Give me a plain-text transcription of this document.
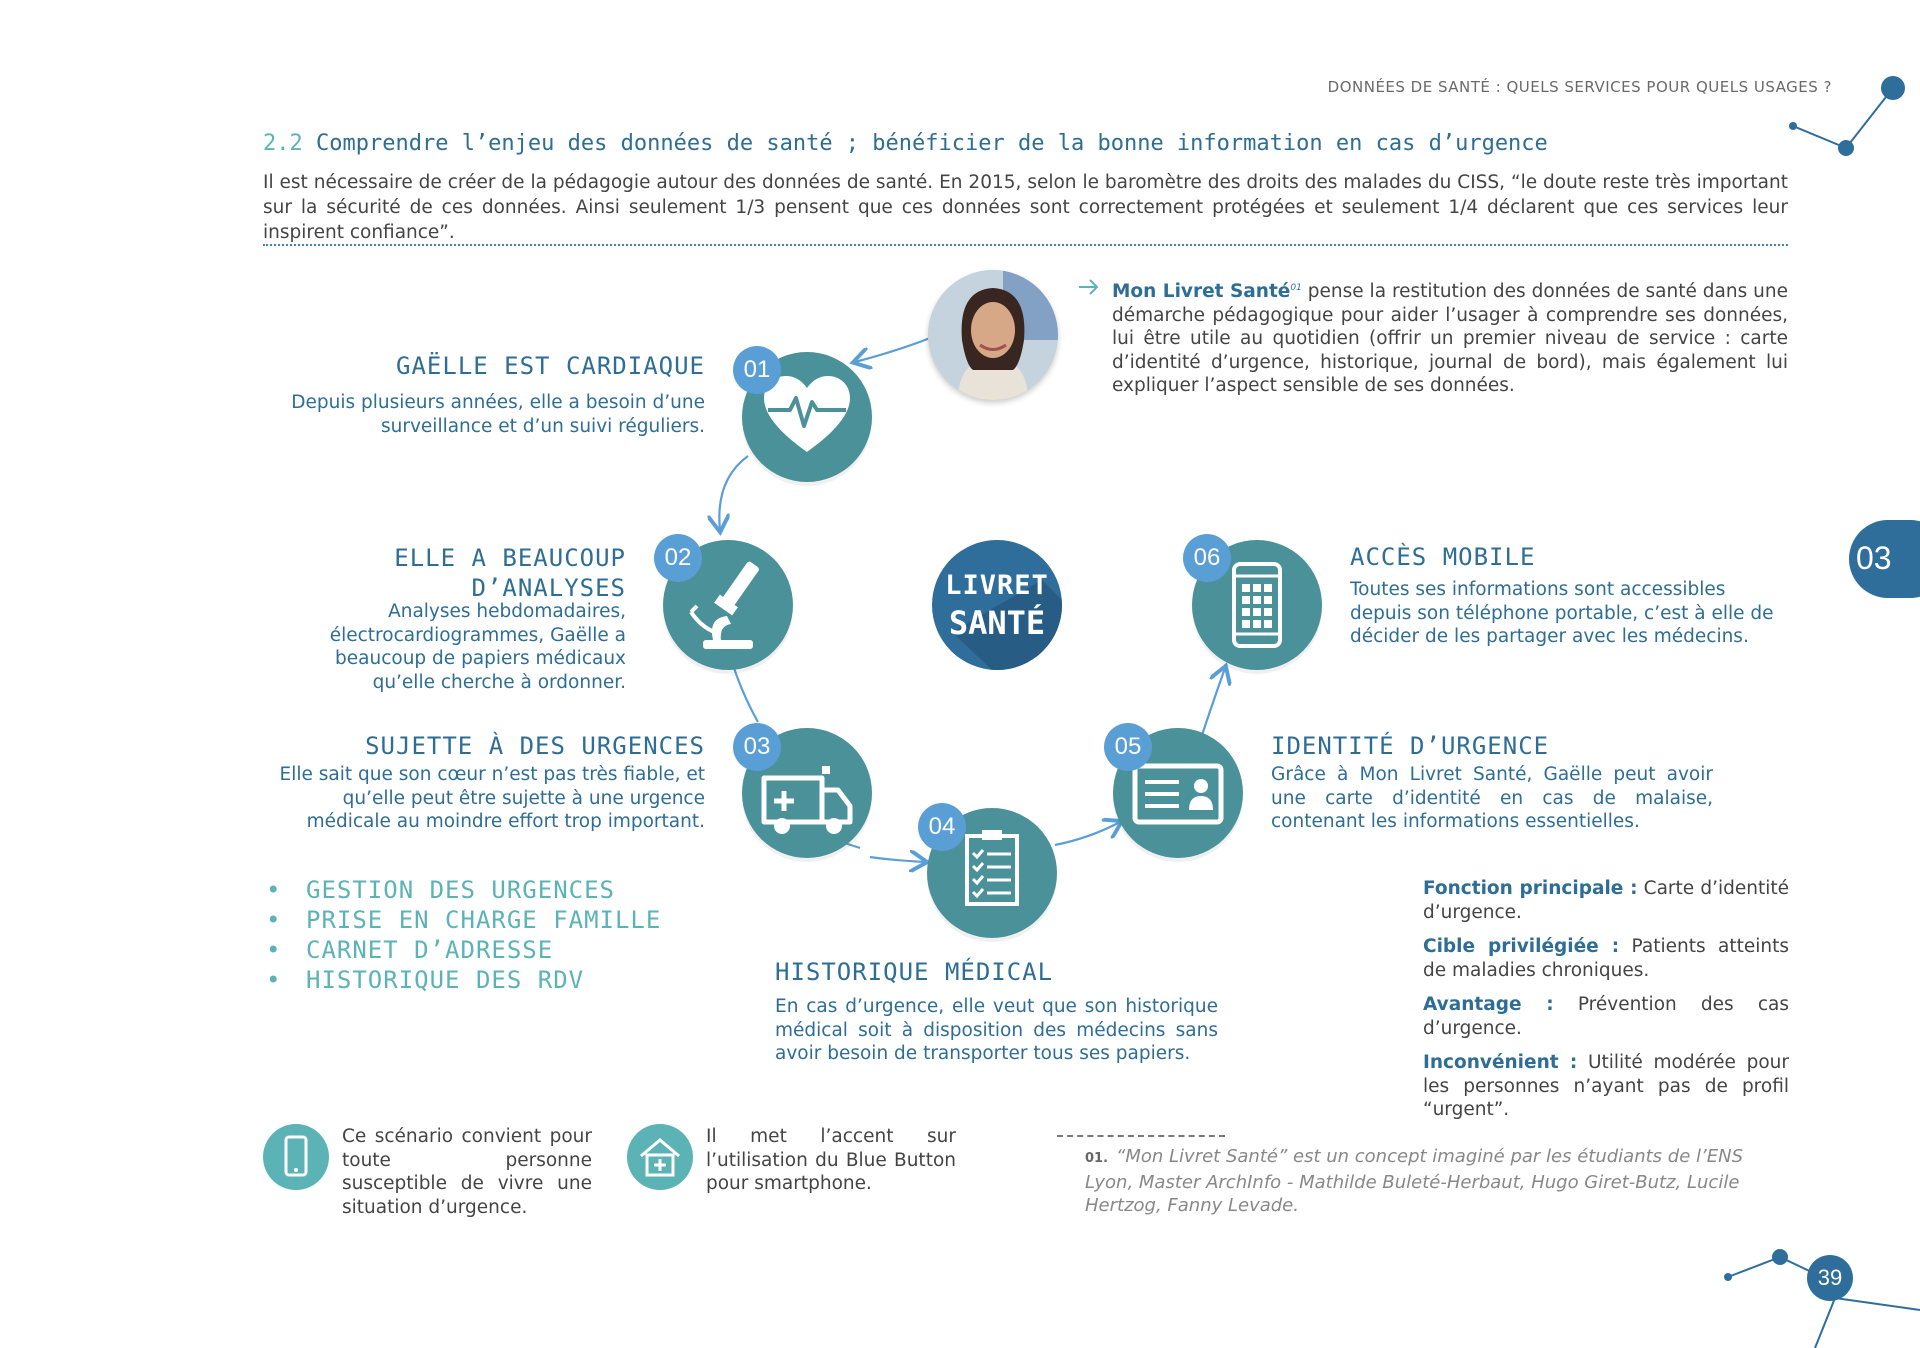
DONNÉES DE SANTÉ : QUELS SERVICES POUR QUELS USAGES ?
2.2 Comprendre l’enjeu des données de santé ; bénéficier de la bonne information en cas d’urgence
Il est nécessaire de créer de la pédagogie autour des données de santé. En 2015, selon le baromètre des droits des malades du CISS, “le doute reste très important sur la sécurité de ces données. Ainsi seulement 1/3 pensent que ces données sont correctement protégées et seulement 1/4 déclarent que ces services leur inspirent confiance”.
Mon Livret Santé$^{01}$ pense la restitution des données de santé dans une démarche pédagogique pour aider l’usager à comprendre ses données, lui être utile au quotidien (offrir un premier niveau de service : carte d’identité d’urgence, historique, journal de bord), mais également lui expliquer l’aspect sensible de ses données.
01
GAËLLE EST CARDIAQUE
Depuis plusieurs années, elle a besoin d’une surveillance et d’un suivi réguliers.
02
ELLE A BEAUCOUP D’ANALYSES
Analyses hebdomadaires, électrocardiogrammes, Gaëlle a beaucoup de papiers médicaux qu’elle cherche à ordonner.
03
SUJETTE À DES URGENCES
Elle sait que son cœur n’est pas très fiable, et qu’elle peut être sujette à une urgence médicale au moindre effort trop important.	04
HISTORIQUE MÉDICAL
En cas d’urgence, elle veut que son historique médical soit à disposition des médecins sans avoir besoin de transporter tous ses papiers.
05	IDENTITÉ D’URGENCE
Grâce à Mon Livret Santé, Gaëlle peut avoir une carte d’identité en cas de malaise, contenant les informations essentielles.
06	ACCÈS MOBILE
Toutes ses informations sont accessibles depuis son téléphone portable, c’est à elle de décider de les partager avec les médecins.
LIVRET
SANTÉ
• GESTION DES URGENCES
• PRISE EN CHARGE FAMILLE
• CARNET D’ADRESSE
• HISTORIQUE DES RDV

Fonction principale : Carte d’identité d’urgence.

Cible privilégiée : Patients atteints de maladies chroniques.

Avantage : Prévention des cas d’urgence.

Inconvénient : Utilité modérée pour les personnes n’ayant pas de profil “urgent”.

Ce scénario convient pour toute personne susceptible de vivre une situation d’urgence.
Il met l’accent sur l’utilisation du Blue Button pour smartphone.
01. “Mon Livret Santé” est un concept imaginé par les étudiants de l’ENS Lyon, Master ArchInfo - Mathilde Buleté-Herbaut, Hugo Giret-Butz, Lucile Hertzog, Fanny Levade.
03
39
